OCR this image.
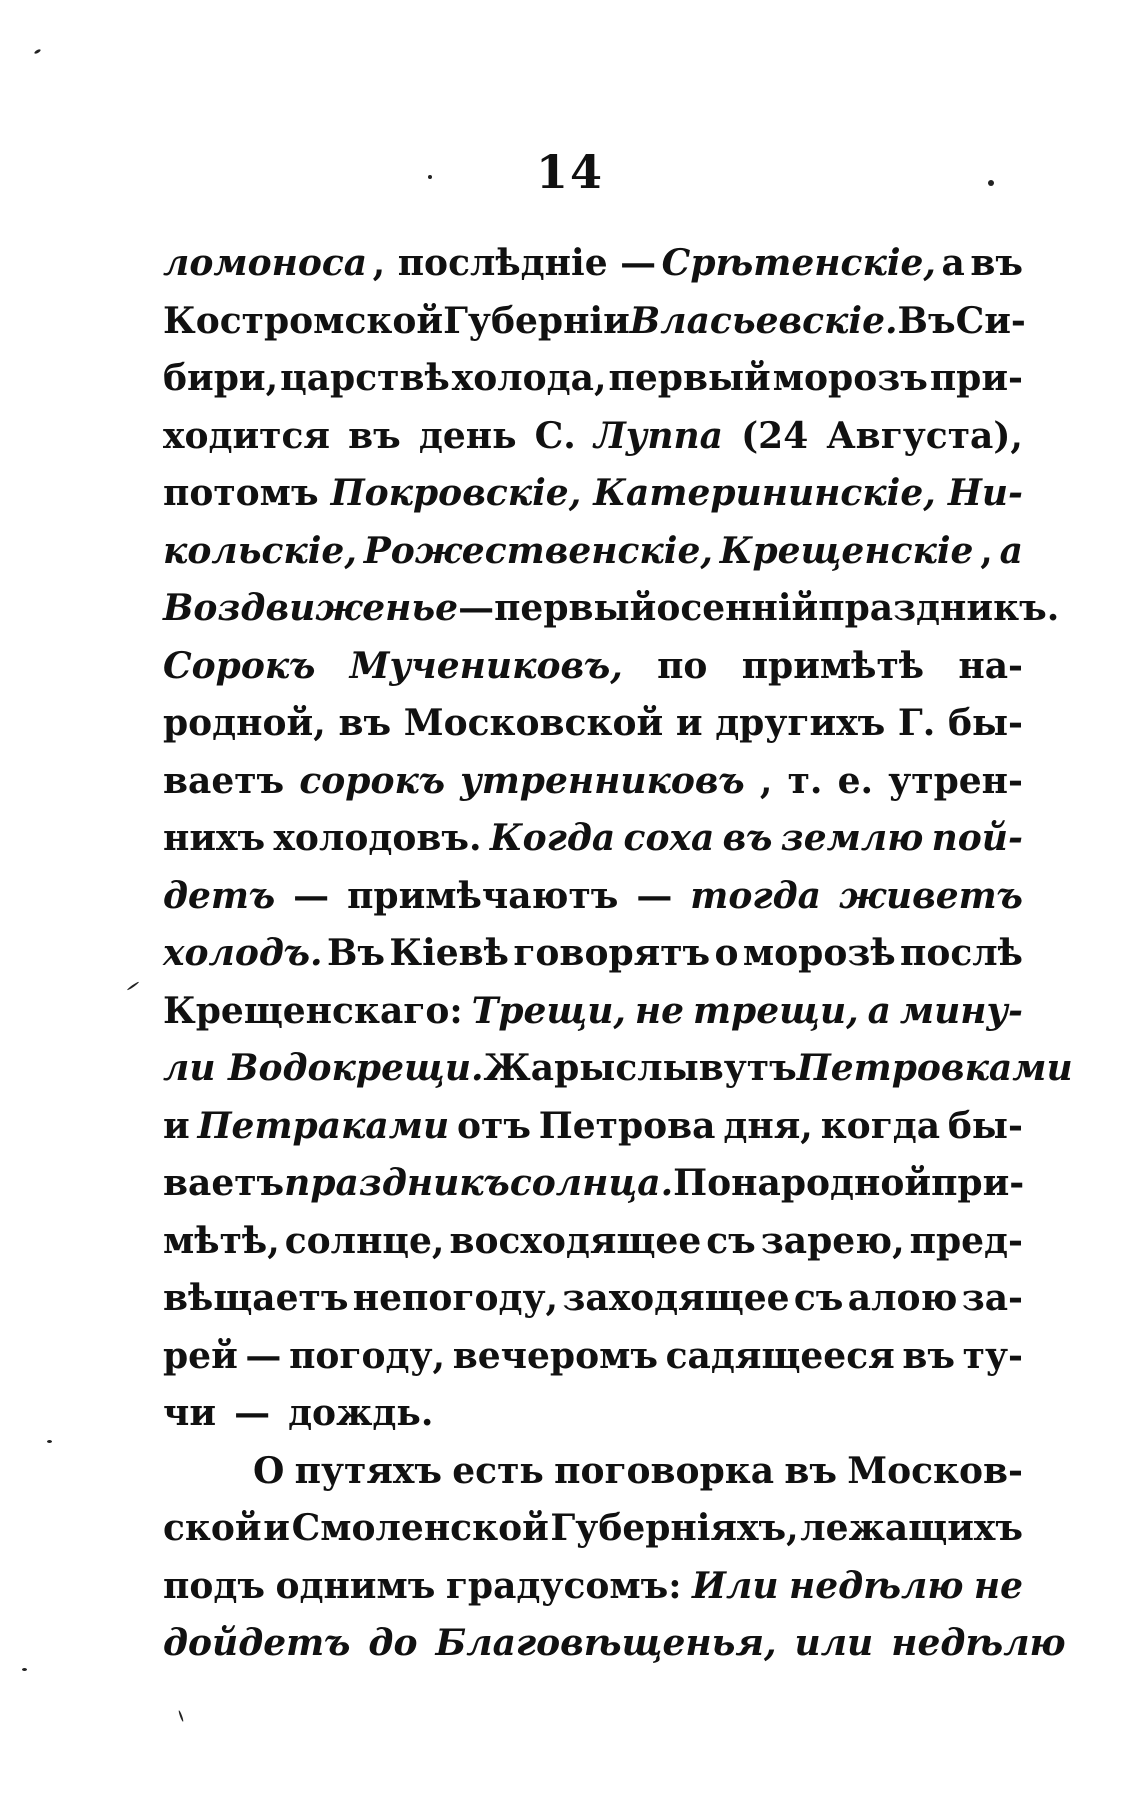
14
ломоноса , послѣдніе — Срѣтенскіе, а въ
Костромской Губерніи Власьевскіе. Въ Си-
бири, царствѣ холода, первый морозъ при-
ходится въ день С. Луппа (24 Августа),
потомъ Покровскіе, Катерининскіе, Ни-
кольскіе, Рожественскіе, Крещенскіе , а
Воздвиженье — первый осенній праздникъ.
Сорокъ Мучениковъ, по примѣтѣ на-
родной, въ Московской и другихъ Г. бы-
ваетъ сорокъ утренниковъ , т. е. утрен-
нихъ холодовъ. Когда соха въ землю пой-
детъ — примѣчаютъ — тогда живетъ
холодъ. Въ Кіевѣ говорятъ о морозѣ послѣ
Крещенскаго: Трещи, не трещи, а мину-
ли Водокрещи. Жары слывутъ Петровками
и Петраками отъ Петрова дня, когда бы-
ваетъ праздникъ солнца. По народной при-
мѣтѣ, солнце, восходящее съ зарею, пред-
вѣщаетъ непогоду, заходящее съ алою за-
рей — погоду, вечеромъ садящееся въ ту-
чи — дождь.
О путяхъ есть поговорка въ Москов-
ской и Смоленской Губерніяхъ, лежащихъ
подъ однимъ градусомъ: Или недѣлю не
дойдетъ до Благовѣщенья, или недѣлю
